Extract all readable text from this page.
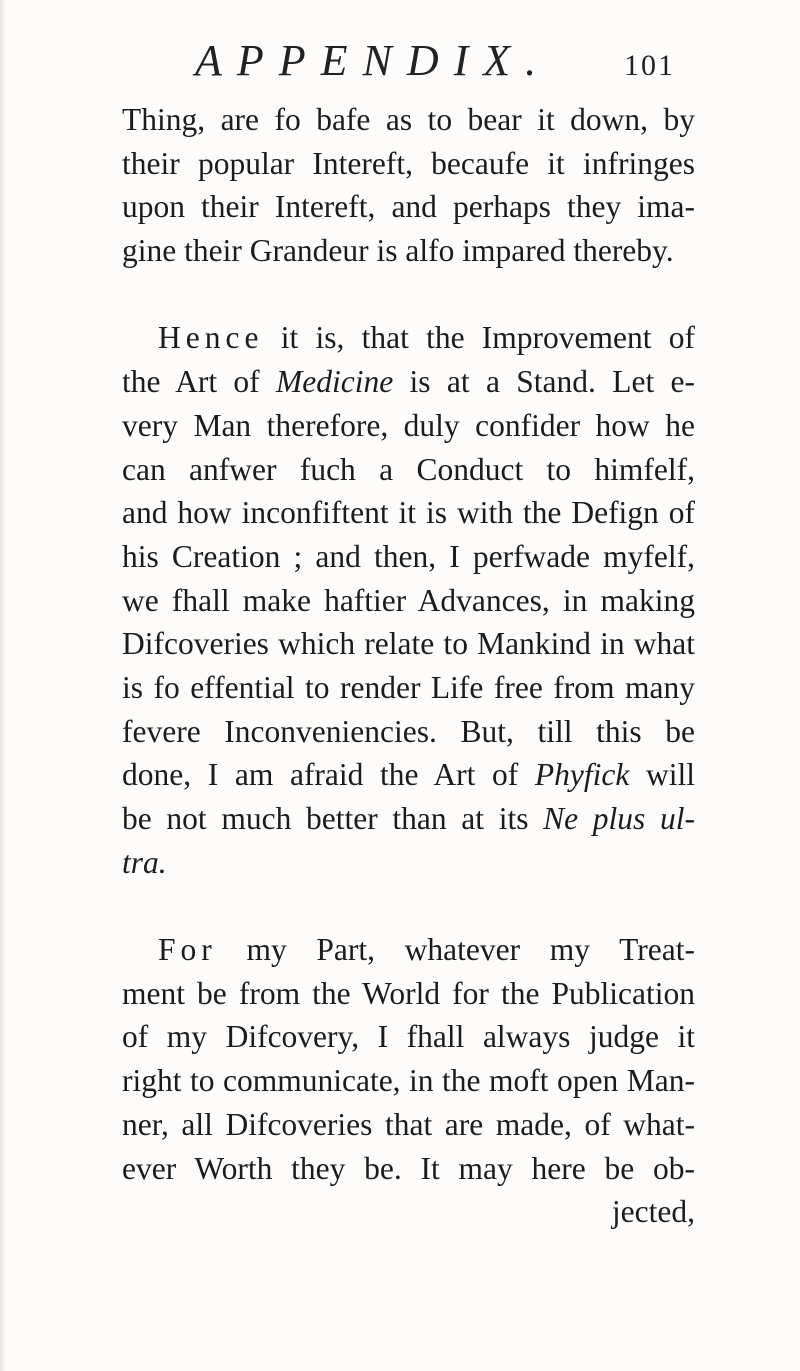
APPENDIX. 101
Thing, are fo bafe as to bear it down, by
their popular Intereft, becaufe it infringes
upon their Intereft, and perhaps they ima-
gine their Grandeur is alfo impared thereby.
Hence it is, that the Improvement of
the Art of Medicine is at a Stand. Let e-
very Man therefore, duly confider how he
can anfwer fuch a Conduct to himfelf,
and how inconfiftent it is with the Defign of
his Creation ; and then, I perfwade myfelf,
we fhall make haftier Advances, in making
Difcoveries which relate to Mankind in what
is fo effential to render Life free from many
fevere Inconveniencies. But, till this be
done, I am afraid the Art of Phyfick will
be not much better than at its Ne plus ul-
tra.
For my Part, whatever my Treat-
ment be from the World for the Publication
of my Difcovery, I fhall always judge it
right to communicate, in the moft open Man-
ner, all Difcoveries that are made, of what-
ever Worth they be. It may here be ob-
jected,
